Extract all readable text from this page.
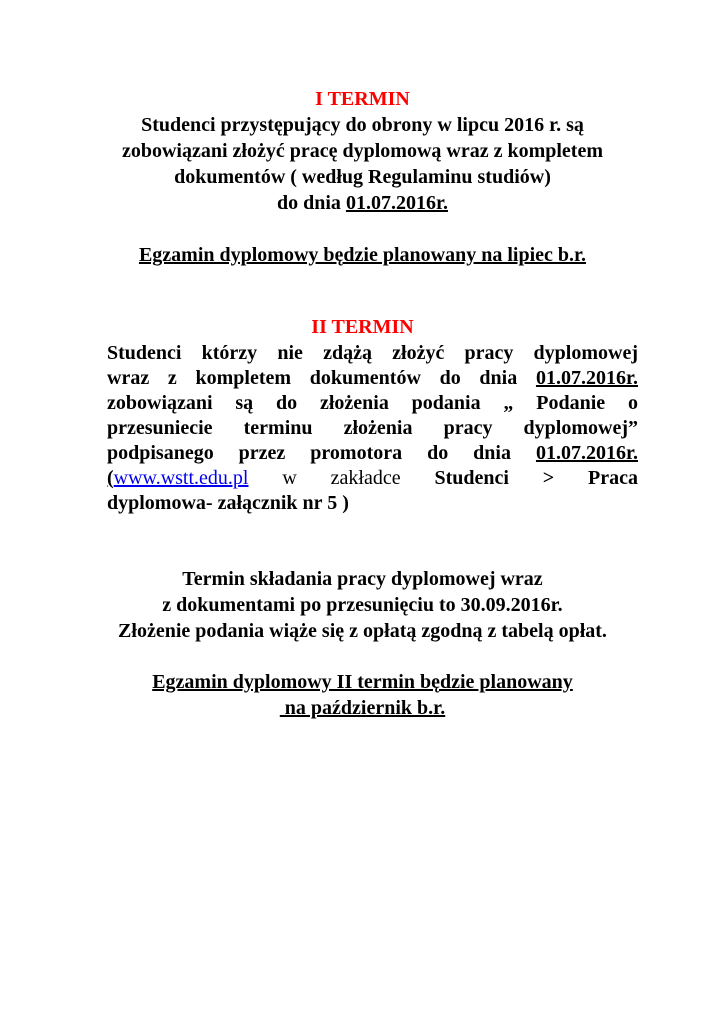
I TERMIN
Studenci przystępujący do obrony w lipcu 2016 r. są
zobowiązani złożyć pracę dyplomową wraz z kompletem
dokumentów ( według Regulaminu studiów)
do dnia 01.07.2016r.
Egzamin dyplomowy będzie planowany na lipiec b.r.
II TERMIN
Studenci którzy nie zdążą złożyć pracy dyplomowej
wraz z kompletem dokumentów do dnia 01.07.2016r.
zobowiązani są do złożenia podania „ Podanie o
przesuniecie terminu złożenia pracy dyplomowej”
podpisanego przez promotora do dnia 01.07.2016r.
(www.wstt.edu.pl w zakładce Studenci > Praca
dyplomowa- załącznik nr 5 )
Termin składania pracy dyplomowej wraz
z dokumentami po przesunięciu to 30.09.2016r.
Złożenie podania wiąże się z opłatą zgodną z tabelą opłat.
Egzamin dyplomowy II termin będzie planowany
na październik b.r.
